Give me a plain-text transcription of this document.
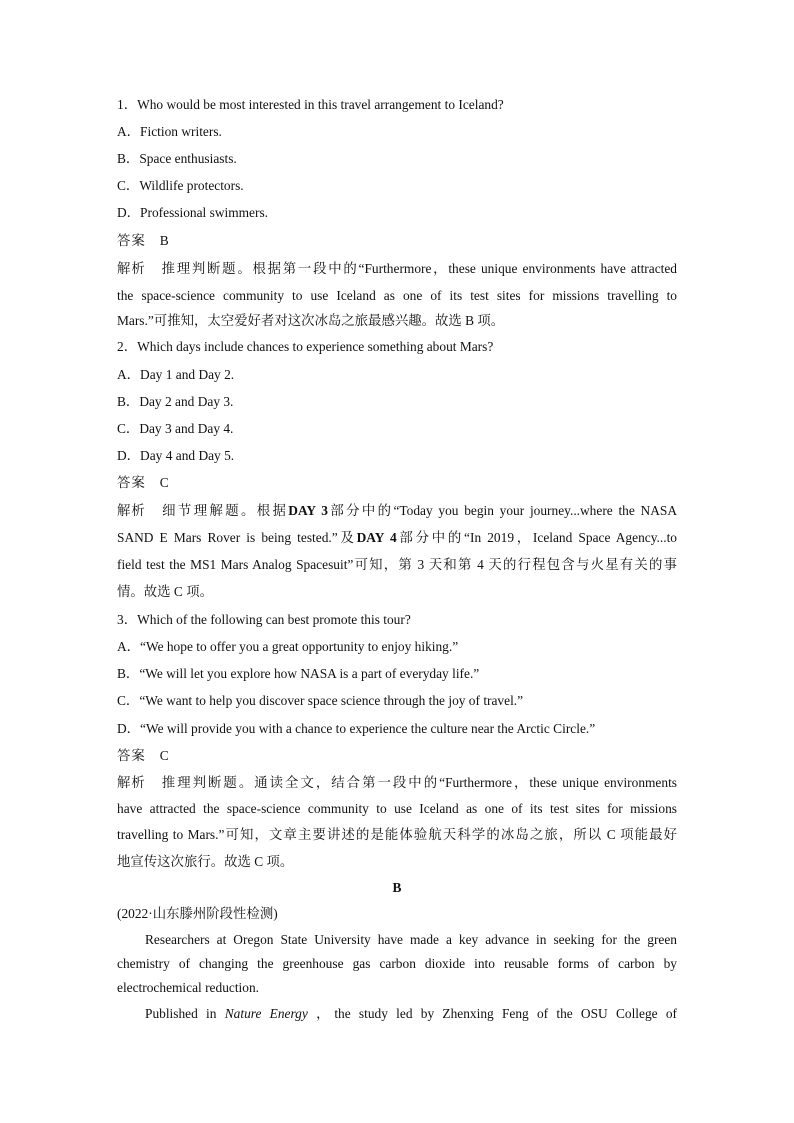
1．Who would be most interested in this travel arrangement to Iceland?
A．Fiction writers.
B．Space enthusiasts.
C．Wildlife protectors.
D．Professional swimmers.
答案 B
解析 推理判断题。根据第一段中的“Furthermore，these unique environments have attracted
the space-science community to use Iceland as one of its test sites for missions travelling to
Mars.”可推知，太空爱好者对这次冰岛之旅最感兴趣。故选 B 项。
2．Which days include chances to experience something about Mars?
A．Day 1 and Day 2.
B．Day 2 and Day 3.
C．Day 3 and Day 4.
D．Day 4 and Day 5.
答案 C
解析 细节理解题。根据DAY 3部分中的“Today you begin your journey...where the NASA
SAND E Mars Rover is being tested.”及DAY 4部分中的“In 2019，Iceland Space Agency...to
field test the MS1 Mars Analog Spacesuit”可知，第 3 天和第 4 天的行程包含与火星有关的事
情。故选 C 项。
3．Which of the following can best promote this tour?
A．“We hope to offer you a great opportunity to enjoy hiking.”
B．“We will let you explore how NASA is a part of everyday life.”
C．“We want to help you discover space science through the joy of travel.”
D．“We will provide you with a chance to experience the culture near the Arctic Circle.”
答案 C
解析 推理判断题。通读全文，结合第一段中的“Furthermore，these unique environments
have attracted the space-science community to use Iceland as one of its test sites for missions
travelling to Mars.”可知，文章主要讲述的是能体验航天科学的冰岛之旅，所以 C 项能最好
地宣传这次旅行。故选 C 项。
B
(2022·山东滕州阶段性检测)
Researchers at Oregon State University have made a key advance in seeking for the green
chemistry of changing the greenhouse gas carbon dioxide into reusable forms of carbon by
electrochemical reduction.
Published in Nature Energy ，the study led by Zhenxing Feng of the OSU College of
